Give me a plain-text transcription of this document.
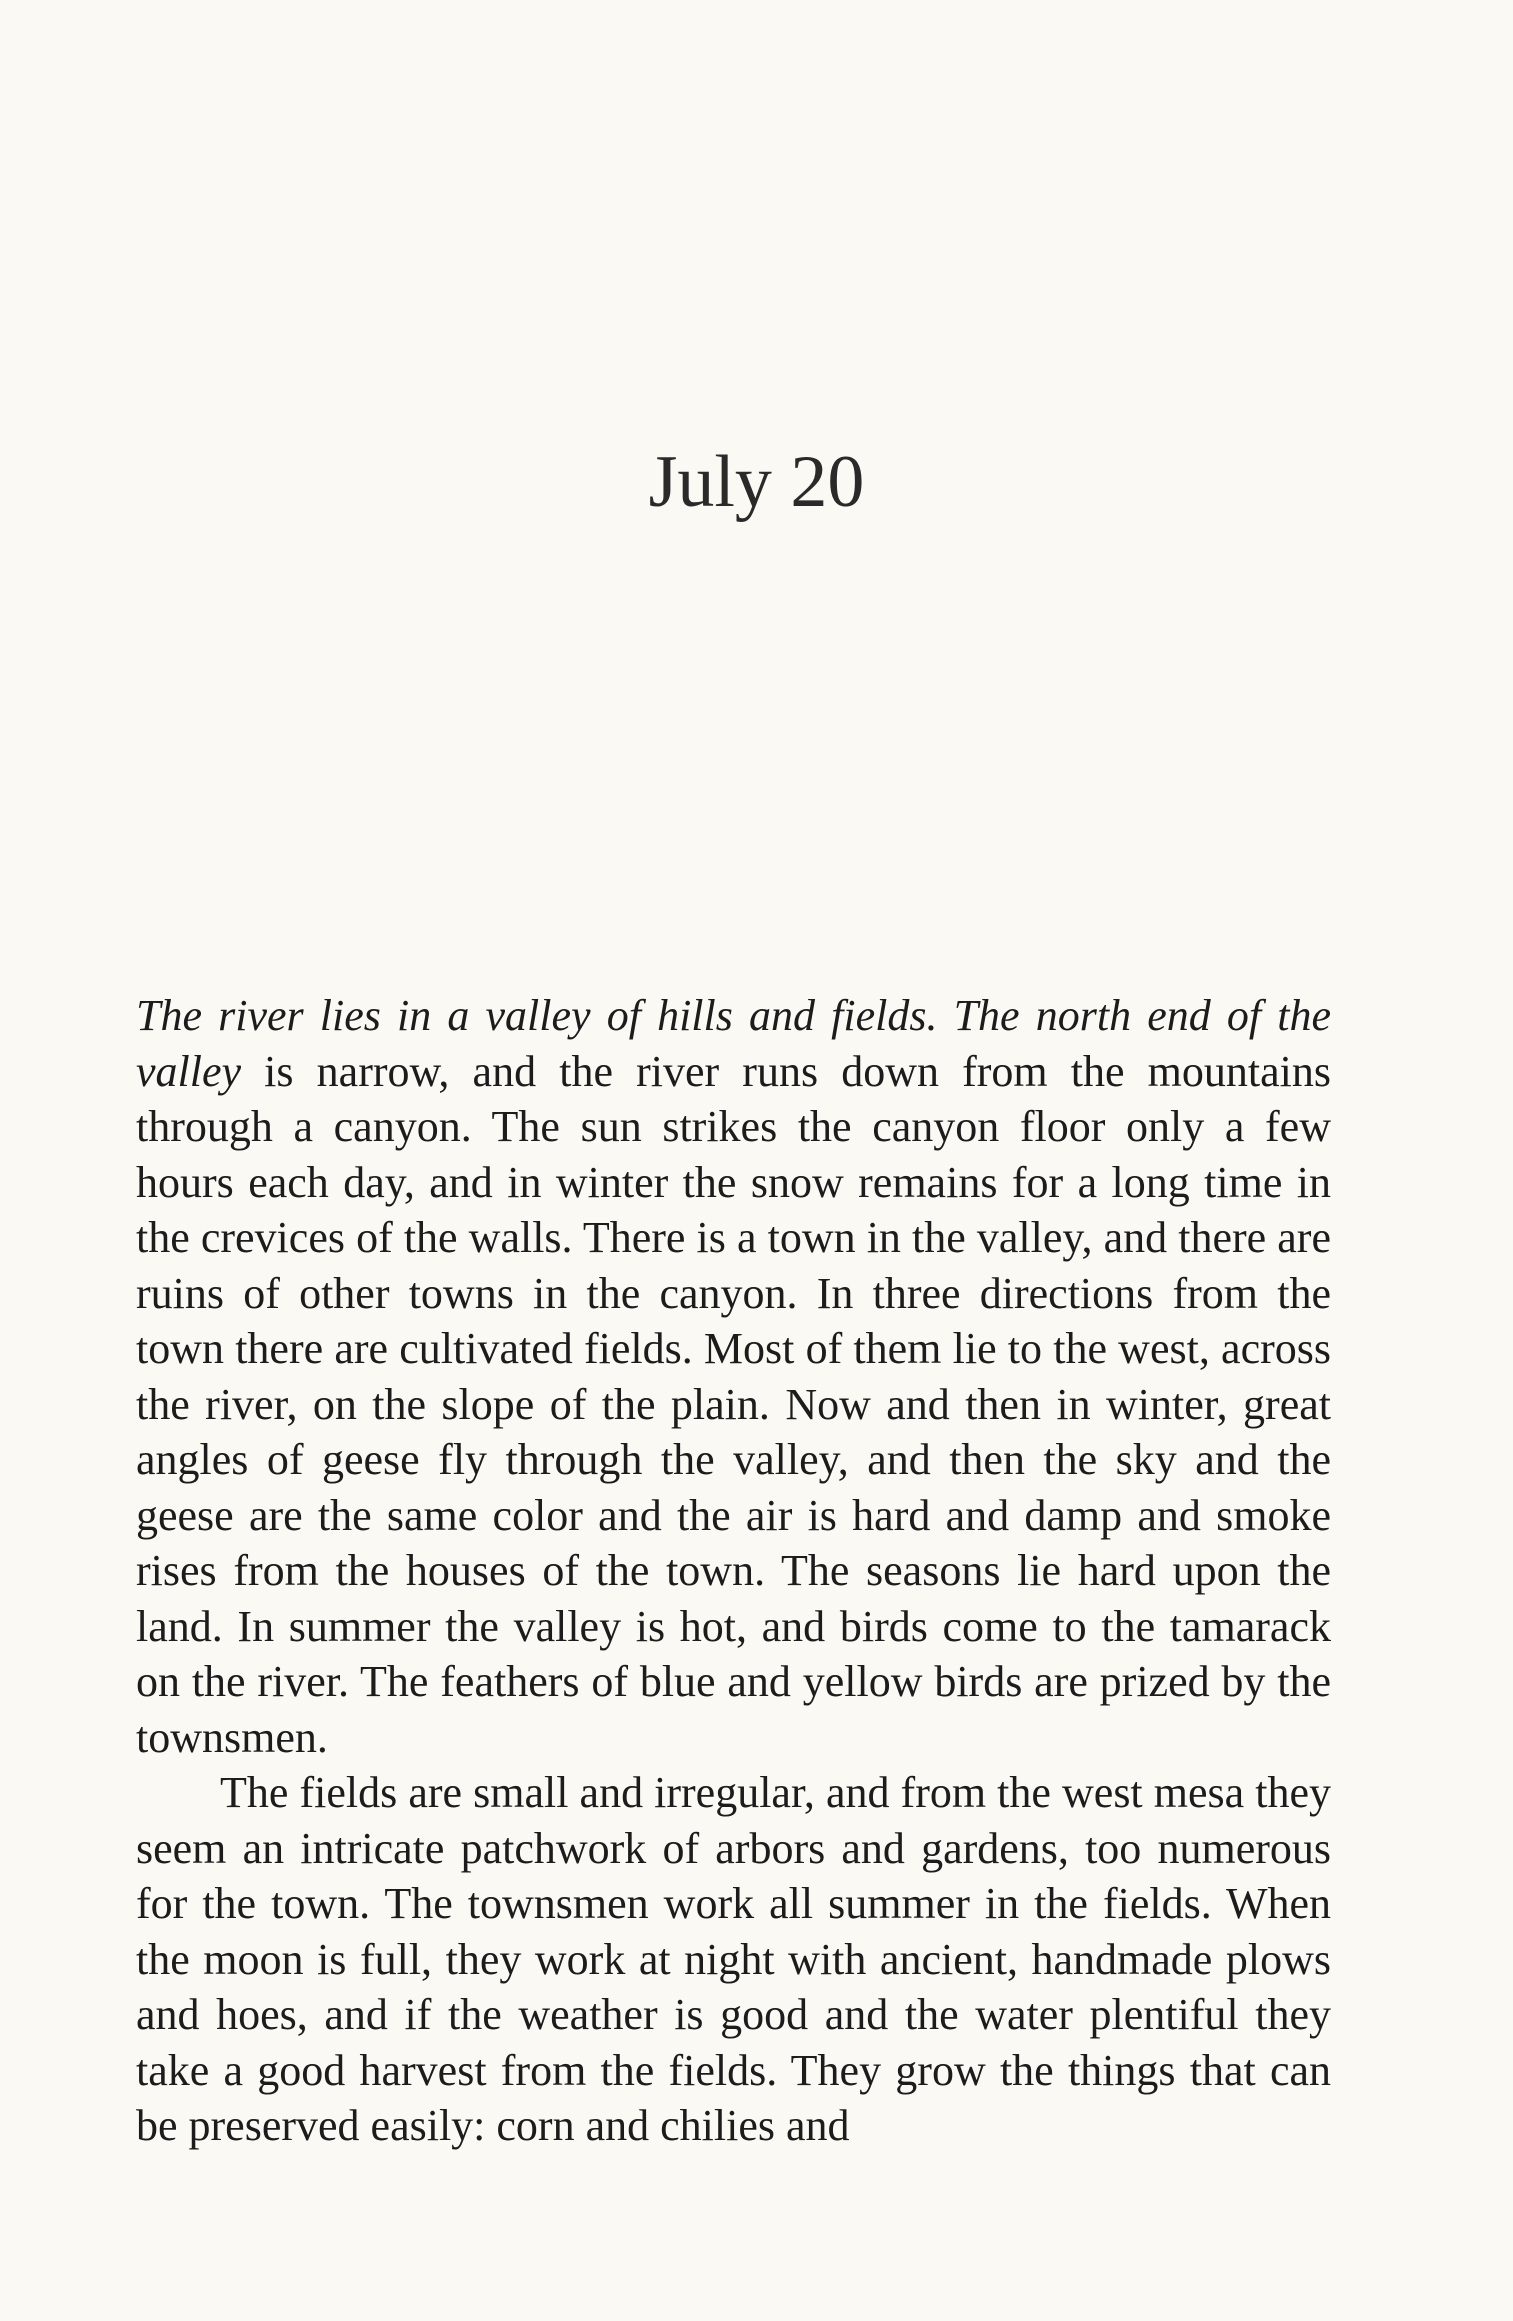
July 20

The river lies in a valley of hills and fields. The north end of the valley is narrow, and the river runs down from the mountains through a canyon. The sun strikes the canyon floor only a few hours each day, and in winter the snow remains for a long time in the crevices of the walls. There is a town in the valley, and there are ruins of other towns in the canyon. In three directions from the town there are cultivated fields. Most of them lie to the west, across the river, on the slope of the plain. Now and then in winter, great angles of geese fly through the valley, and then the sky and the geese are the same color and the air is hard and damp and smoke rises from the houses of the town. The seasons lie hard upon the land. In summer the valley is hot, and birds come to the tamarack on the river. The feathers of blue and yellow birds are prized by the townsmen.

The fields are small and irregular, and from the west mesa they seem an intricate patchwork of arbors and gardens, too numerous for the town. The townsmen work all summer in the fields. When the moon is full, they work at night with ancient, handmade plows and hoes, and if the weather is good and the water plentiful they take a good harvest from the fields. They grow the things that can be preserved easily: corn and chilies and
